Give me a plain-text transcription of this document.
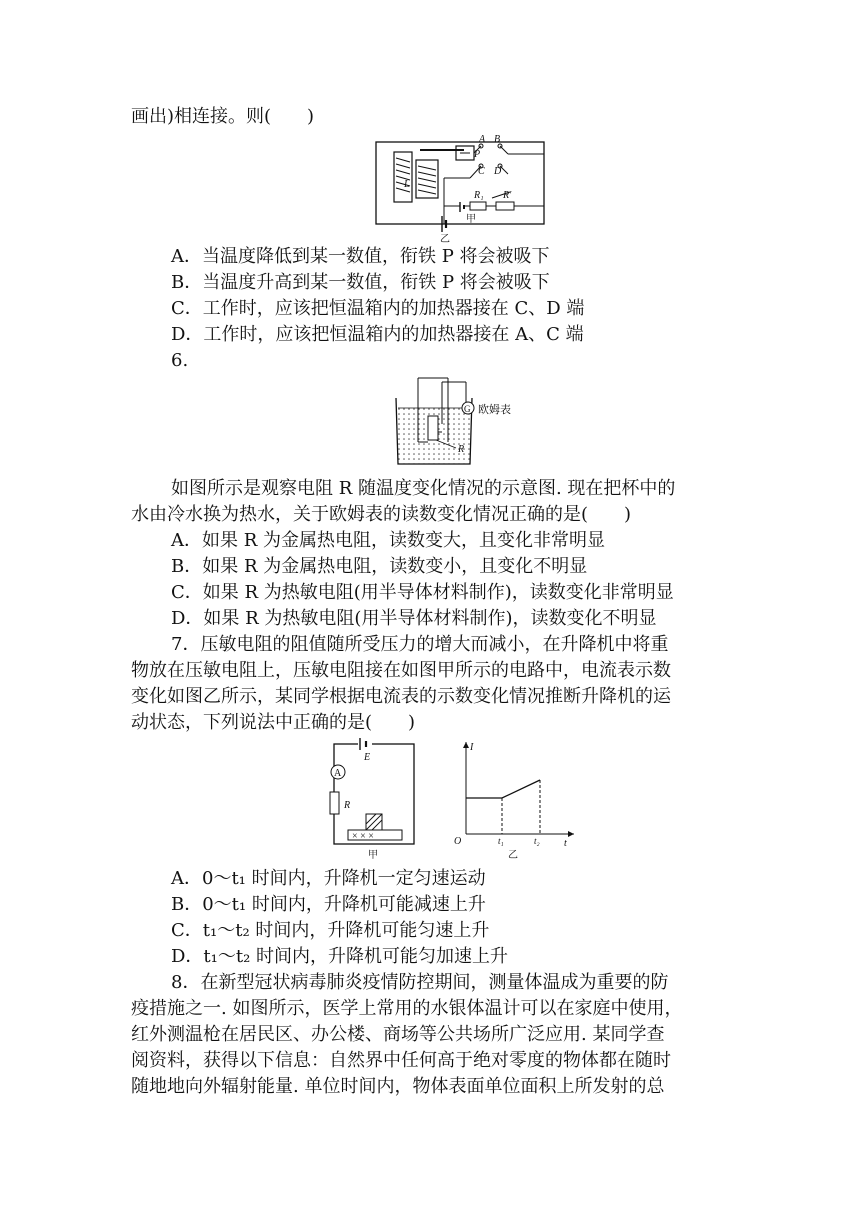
画出)相连接。则(　　)
A B
P
C D
L
R₁ R′
甲
乙
A．当温度降低到某一数值，衔铁 P 将会被吸下
B．当温度升高到某一数值，衔铁 P 将会被吸下
C．工作时，应该把恒温箱内的加热器接在 C、D 端
D．工作时，应该把恒温箱内的加热器接在 A、C 端
6.
G 欧姆表
R
如图所示是观察电阻 R 随温度变化情况的示意图. 现在把杯中的
水由冷水换为热水，关于欧姆表的读数变化情况正确的是(　　)
A．如果 R 为金属热电阻，读数变大，且变化非常明显
B．如果 R 为金属热电阻，读数变小，且变化不明显
C．如果 R 为热敏电阻(用半导体材料制作)，读数变化非常明显
D．如果 R 为热敏电阻(用半导体材料制作)，读数变化不明显
7．压敏电阻的阻值随所受压力的增大而减小，在升降机中将重
物放在压敏电阻上，压敏电阻接在如图甲所示的电路中，电流表示数
变化如图乙所示，某同学根据电流表的示数变化情况推断升降机的运
动状态，下列说法中正确的是(　　)
A
E
R
× × ×
甲
I
t
O	t₁	t₂
乙
A．0～t₁ 时间内，升降机一定匀速运动
B．0～t₁ 时间内，升降机可能减速上升
C．t₁～t₂ 时间内，升降机可能匀速上升
D．t₁～t₂ 时间内，升降机可能匀加速上升
8．在新型冠状病毒肺炎疫情防控期间，测量体温成为重要的防
疫措施之一. 如图所示，医学上常用的水银体温计可以在家庭中使用，
红外测温枪在居民区、办公楼、商场等公共场所广泛应用. 某同学查
阅资料，获得以下信息：自然界中任何高于绝对零度的物体都在随时
随地地向外辐射能量. 单位时间内，物体表面单位面积上所发射的总
